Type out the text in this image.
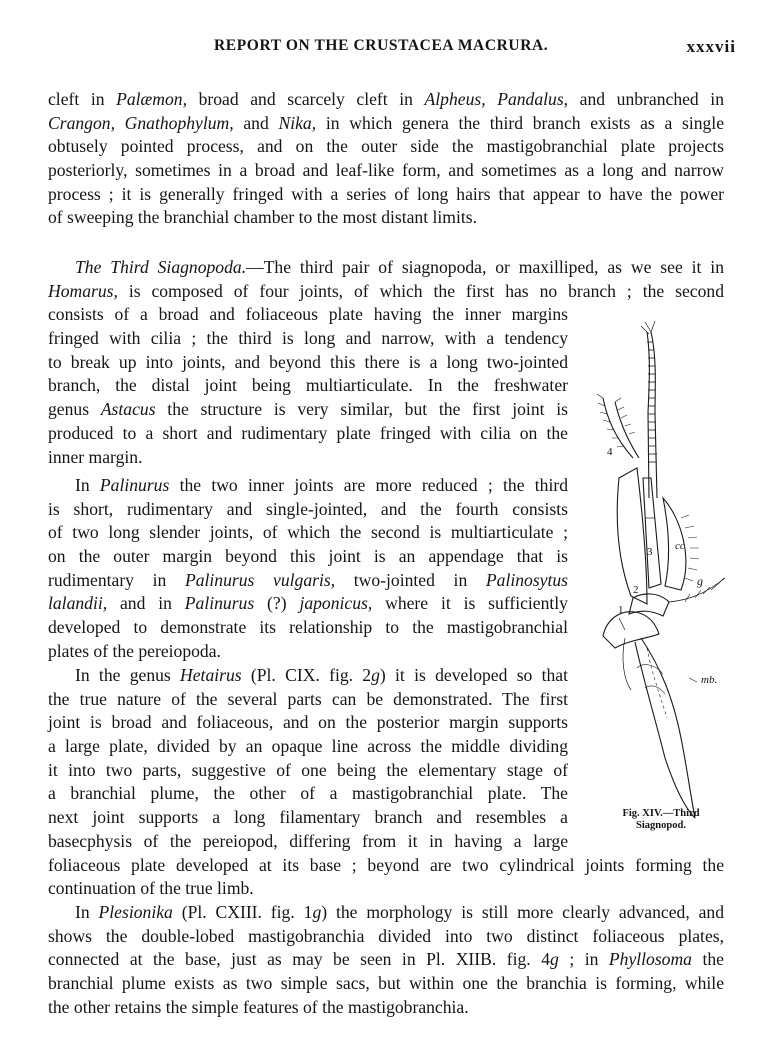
REPORT ON THE CRUSTACEA MACRURA.	xxxvii
cleft in Palæmon, broad and scarcely cleft in Alpheus, Pandalus, and unbranched in
Crangon, Gnathophylum, and Nika, in which genera the third branch exists as a single
obtusely pointed process, and on the outer side the mastigobranchial plate projects
posteriorly, sometimes in a broad and leaf-like form, and sometimes as a long and narrow
process ; it is generally fringed with a series of long hairs that appear to have the power
of sweeping the branchial chamber to the most distant limits.
The Third Siagnopoda.—The third pair of siagnopoda, or maxilliped, as we see it in
Homarus, is composed of four joints, of which the first has no branch ; the second
consists of a broad and foliaceous plate having the inner margins
fringed with cilia ; the third is long and narrow, with a tendency
to break up into joints, and beyond this there is a long two-jointed
branch, the distal joint being multiarticulate. In the freshwater
genus Astacus the structure is very similar, but the first joint is
produced to a short and rudimentary plate fringed with cilia on the
inner margin.
In Palinurus the two inner joints are more reduced ; the third
is short, rudimentary and single-jointed, and the fourth consists
of two long slender joints, of which the second is multiarticulate ;
on the outer margin beyond this joint is an appendage that is
rudimentary in Palinurus vulgaris, two-jointed in Palinosytus
lalandii, and in Palinurus (?) japonicus, where it is sufficiently
developed to demonstrate its relationship to the mastigobranchial
plates of the pereiopoda.
In the genus Hetairus (Pl. CIX. fig. 2g) it is developed so that
the true nature of the several parts can be demonstrated. The first
joint is broad and foliaceous, and on the posterior margin supports
a large plate, divided by an opaque line across the middle dividing
it into two parts, suggestive of one being the elementary stage of
a branchial plume, the other of a mastigobranchial plate. The
next joint supports a long filamentary branch and resembles a
basecphysis of the pereiopod, differing from it in having a large
foliaceous plate developed at its base ; beyond are two cylindrical joints forming the
continuation of the true limb.
In Plesionika (Pl. CXIII. fig. 1g) the morphology is still more clearly advanced, and
shows the double-lobed mastigobranchia divided into two distinct foliaceous plates,
connected at the base, just as may be seen in Pl. XIIB. fig. 4g ; in Phyllosoma the
branchial plume exists as two simple sacs, but within one the branchia is forming, while
the other retains the simple features of the mastigobranchia.
4
3 cc
2
1
g
mb.
Fig. XIV.—Third
Siagnopod.
